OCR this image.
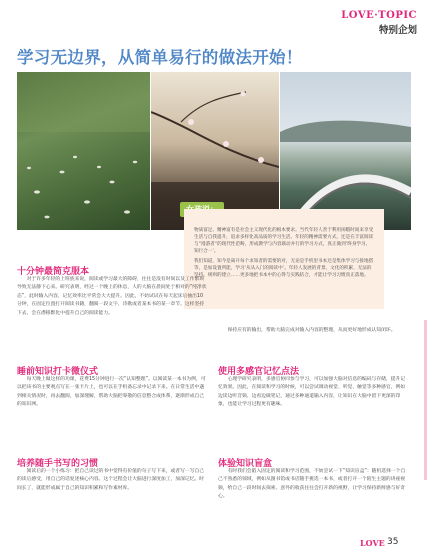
LOVE·TOPIC
特别企划
学习无边界，从简单易行的做法开始！

物质富足、精神富有是社会主义现代化的根本要求。当代年轻人善于利用闲暇时间来享受生活与自我提升，追求多样化高品质的学习生活。年轻的精神需要方式，还是在丰富阅读与“漫游者”的现代性范畴，形成教学与内容联动并行的学习方式，真正做到‘终身学习、知行合一’。

我们知道，知今是离开每个求知者的需要的对，无论是手机里书本还是集体学习与接地搭等，是加设置所能，学习‘从从入门的阅读中’。年轻人发展的背景、文化的积累、无法的坚持、规则的建立……更多地把书本中的心得与实践结合，才能让学习习惯真正落地。

十分钟最简克服本

对于许多年轻的上班族来说，阅读或学习最大的障碍，往往是没有时间以及工作繁琐导致无法静下心来。研究表明，经过一个晚上的休息，人的大脑在晨间处于相对的“纯净状态”，此时输入内容，记忆效率比平常会大大提升。因此，不妨试试在每天起床后抽出10分钟，在固定位置打开阅读书籍，翻阅一段文字、诗歌或者某本书的某一章节。这样坚持下去，会在潜移默化中提升自己的阅读能力。

睡前知识打卡微仪式

每天晚上做这样的功课，花费15分钟进行一次“认知整理”。以阅读某一本书为例，可以把该书的主要观点写在一张卡片上，也可以在手机备忘录中记录下来。在日常生活中遇到相关情况时，再去翻阅，加深理解，帮助大脑把零散的信息整合成体系，逐渐形成自己的知识网。

培养随手书写的习惯

阅读后的一个小练习：把自己读过的书中觉得有价值的句子写下来，或者写一写自己的读后感受，用自己的话复述核心内容。这个过程会让大脑进行深度加工，加深记忆。时间长了，就能形成属于自己的知识积累和写作素材库。

保持应有的输出，帮助大脑完成对输入内容的整理，从而更好地形成认知闭环。

使用多感官记忆点法

心理学研究表明，多感官协同参与学习，可以加强大脑对信息的编码与存储，提升记忆效果。因此，在阅读和学习的时候，可以尝试调动视觉、听觉、触觉等多种感官，例如边读边听音频、边看边做笔记，通过多种通道输入内容，让知识在大脑中留下更深的印象，也能让学习过程更有趣味。

体验知识盲盒

有时我们会陷入固定的阅读和学习范围，不妨尝试一下“知识盲盒”：随机选择一个自己不熟悉的领域，例如从图书馆或书店随手挑选一本书，或者打开一个陌生主题的讲座视频，给自己一段时间去探索。意外的收获往往会打开新的视野，让学习保持新鲜感与好奇心。

LOVE 35
